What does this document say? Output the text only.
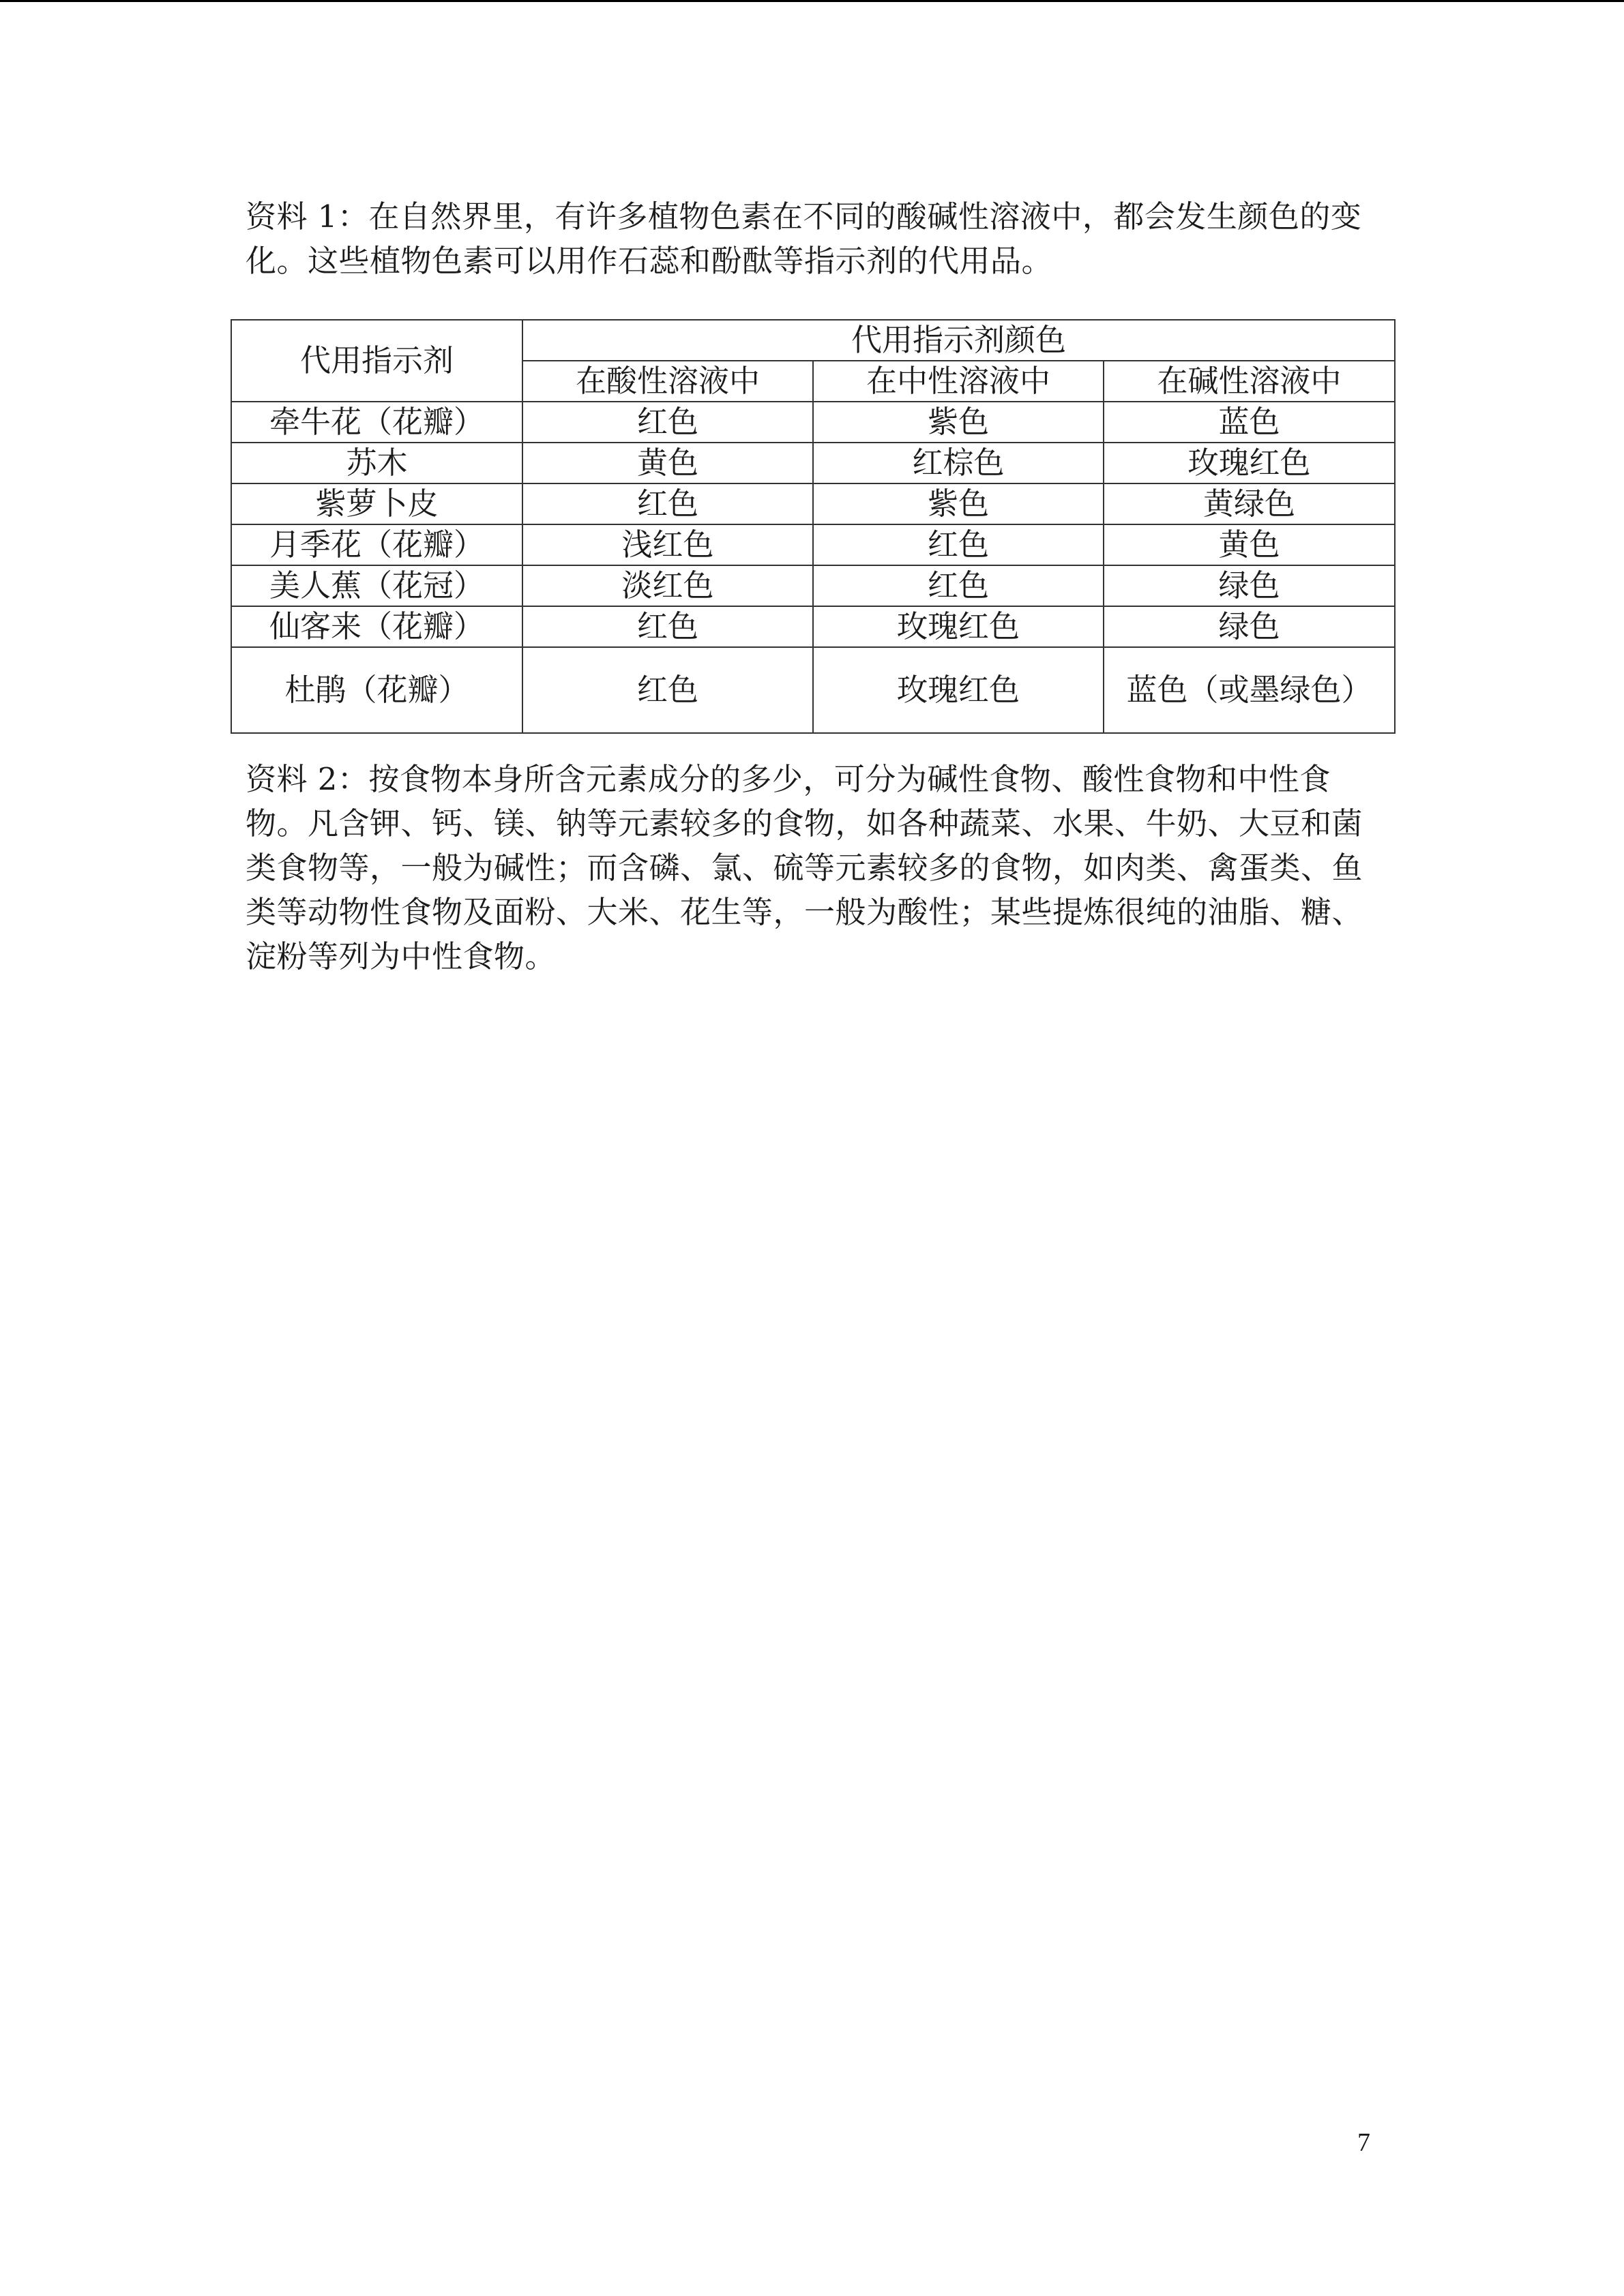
资料 1：在自然界里，有许多植物色素在不同的酸碱性溶液中，都会发生颜色的变化。这些植物色素可以用作石蕊和酚酞等指示剂的代用品。

代用指示剂	代用指示剂颜色		
	在酸性溶液中	在中性溶液中	在碱性溶液中
牵牛花（花瓣）	红色	紫色	蓝色
苏木	黄色	红棕色	玫瑰红色
紫萝卜皮	红色	紫色	黄绿色
月季花（花瓣）	浅红色	红色	黄色
美人蕉（花冠）	淡红色	红色	绿色
仙客来（花瓣）	红色	玫瑰红色	绿色
杜鹃（花瓣）	红色	玫瑰红色	蓝色（或墨绿色）

资料 2：按食物本身所含元素成分的多少，可分为碱性食物、酸性食物和中性食物。凡含钾、钙、镁、钠等元素较多的食物，如各种蔬菜、水果、牛奶、大豆和菌类食物等，一般为碱性；而含磷、氯、硫等元素较多的食物，如肉类、禽蛋类、鱼类等动物性食物及面粉、大米、花生等，一般为酸性；某些提炼很纯的油脂、糖、淀粉等列为中性食物。

7
